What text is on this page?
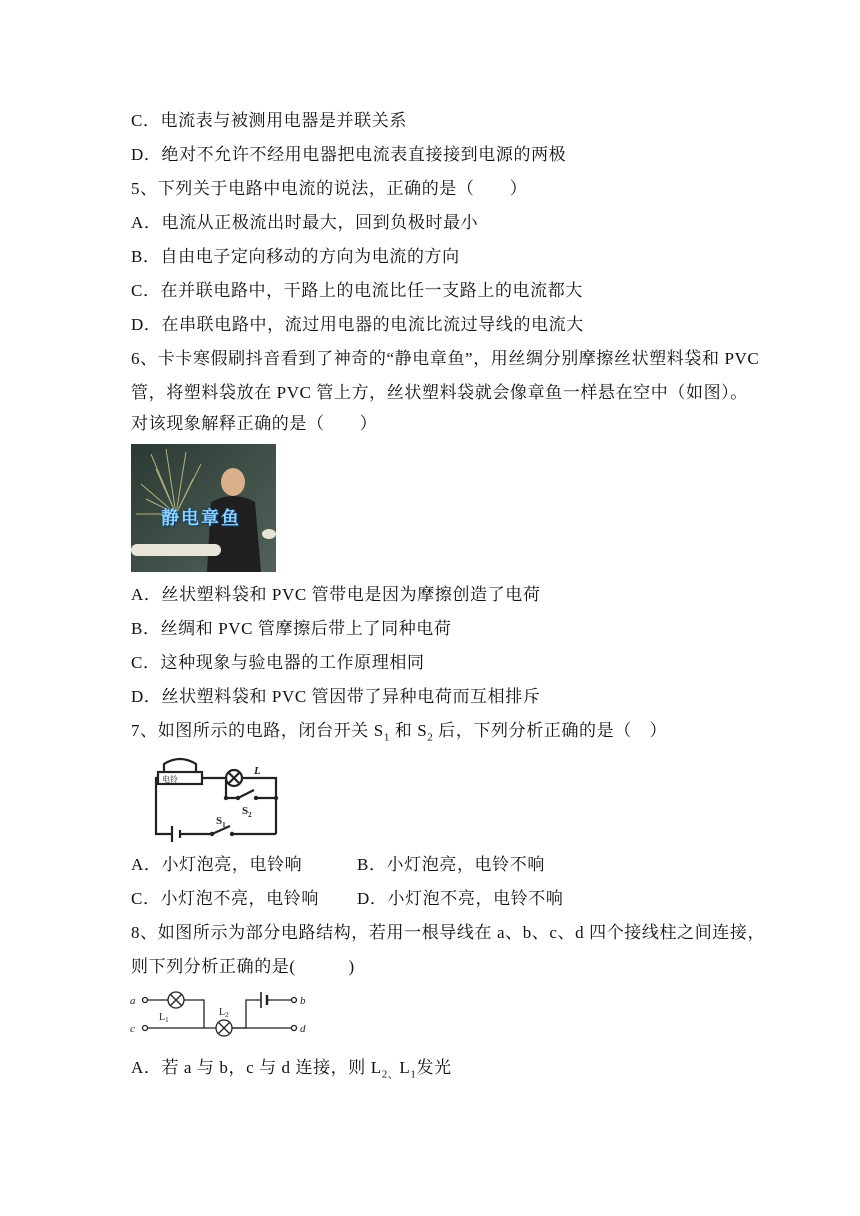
C．电流表与被测用电器是并联关系
D．绝对不允许不经用电器把电流表直接接到电源的两极
5、下列关于电路中电流的说法，正确的是（　　）
A．电流从正极流出时最大，回到负极时最小
B．自由电子定向移动的方向为电流的方向
C．在并联电路中，干路上的电流比任一支路上的电流都大
D．在串联电路中，流过用电器的电流比流过导线的电流大
6、卡卡寒假刷抖音看到了神奇的“静电章鱼”，用丝绸分别摩擦丝状塑料袋和 PVC
管，将塑料袋放在 PVC 管上方，丝状塑料袋就会像章鱼一样悬在空中（如图）。
对该现象解释正确的是（　　）
静电章鱼
A．丝状塑料袋和 PVC 管带电是因为摩擦创造了电荷
B．丝绸和 PVC 管摩擦后带上了同种电荷
C．这种现象与验电器的工作原理相同
D．丝状塑料袋和 PVC 管因带了异种电荷而互相排斥
7、如图所示的电路，闭台开关 $S_1$ 和 $S_2$ 后，下列分析正确的是（　）
电铃
L
$S_2$
$S_1$
A．小灯泡亮，电铃响	B．小灯泡亮，电铃不响
C．小灯泡不亮，电铃响 D．小灯泡不亮，电铃不响
8、如图所示为部分电路结构，若用一根导线在 a、b、c、d 四个接线柱之间连接，
则下列分析正确的是(　　　)
a
c
b
d
$L_1$
$L_2$
A．若 a 与 b，c 与 d 连接，则 $L_{2、}L_1$发光
